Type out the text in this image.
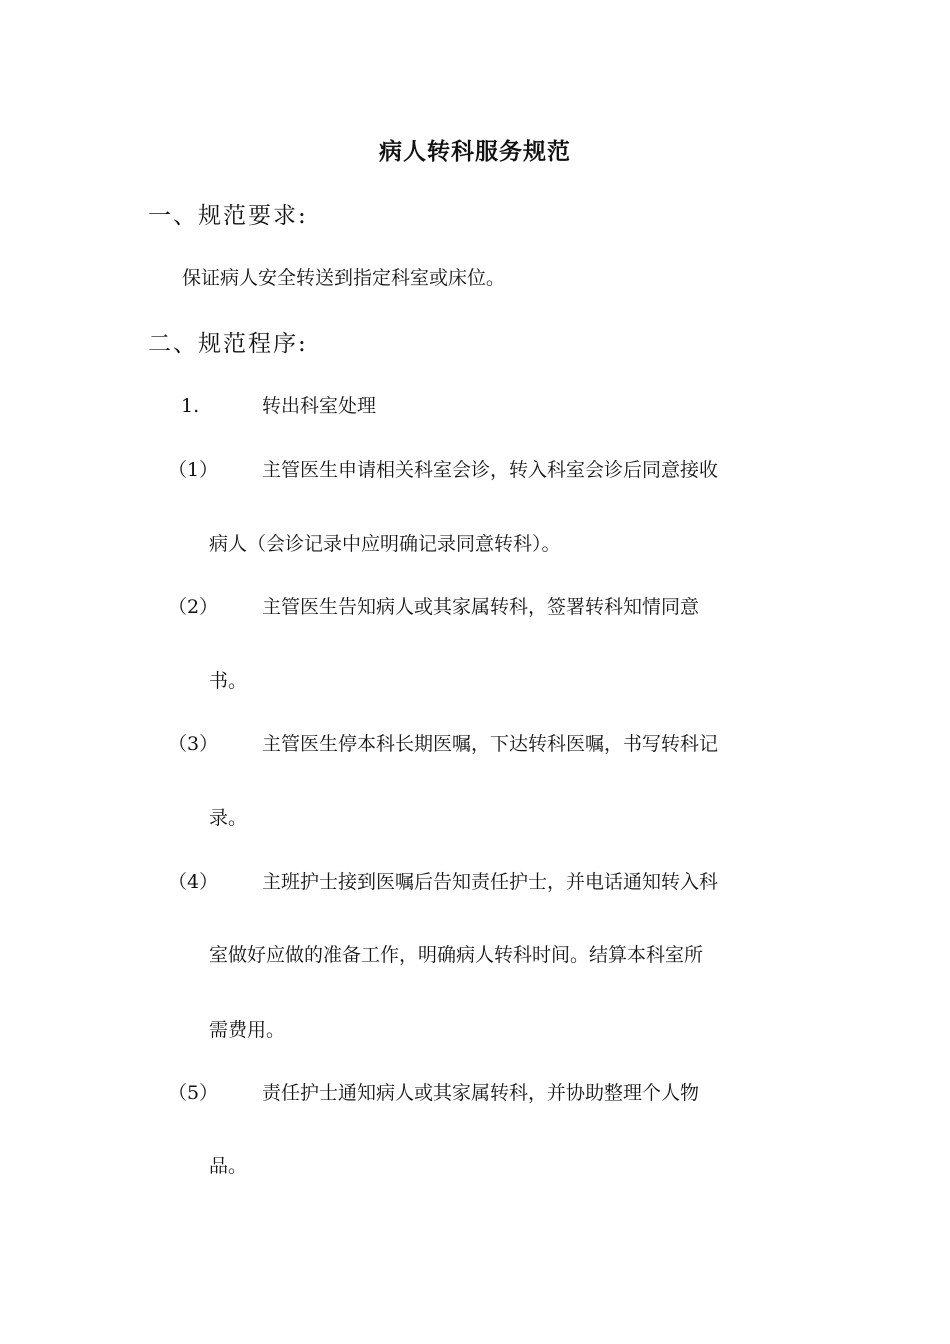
病人转科服务规范
一、规范要求:
保证病人安全转送到指定科室或床位。
二、规范程序:
1.	转出科室处理
（1） 主管医生申请相关科室会诊，转入科室会诊后同意接收
病人（会诊记录中应明确记录同意转科）。
（2） 主管医生告知病人或其家属转科，签署转科知情同意
书。
（3） 主管医生停本科长期医嘱，下达转科医嘱，书写转科记
录。
（4） 主班护士接到医嘱后告知责任护士，并电话通知转入科
室做好应做的准备工作，明确病人转科时间。结算本科室所
需费用。
（5） 责任护士通知病人或其家属转科，并协助整理个人物
品。
